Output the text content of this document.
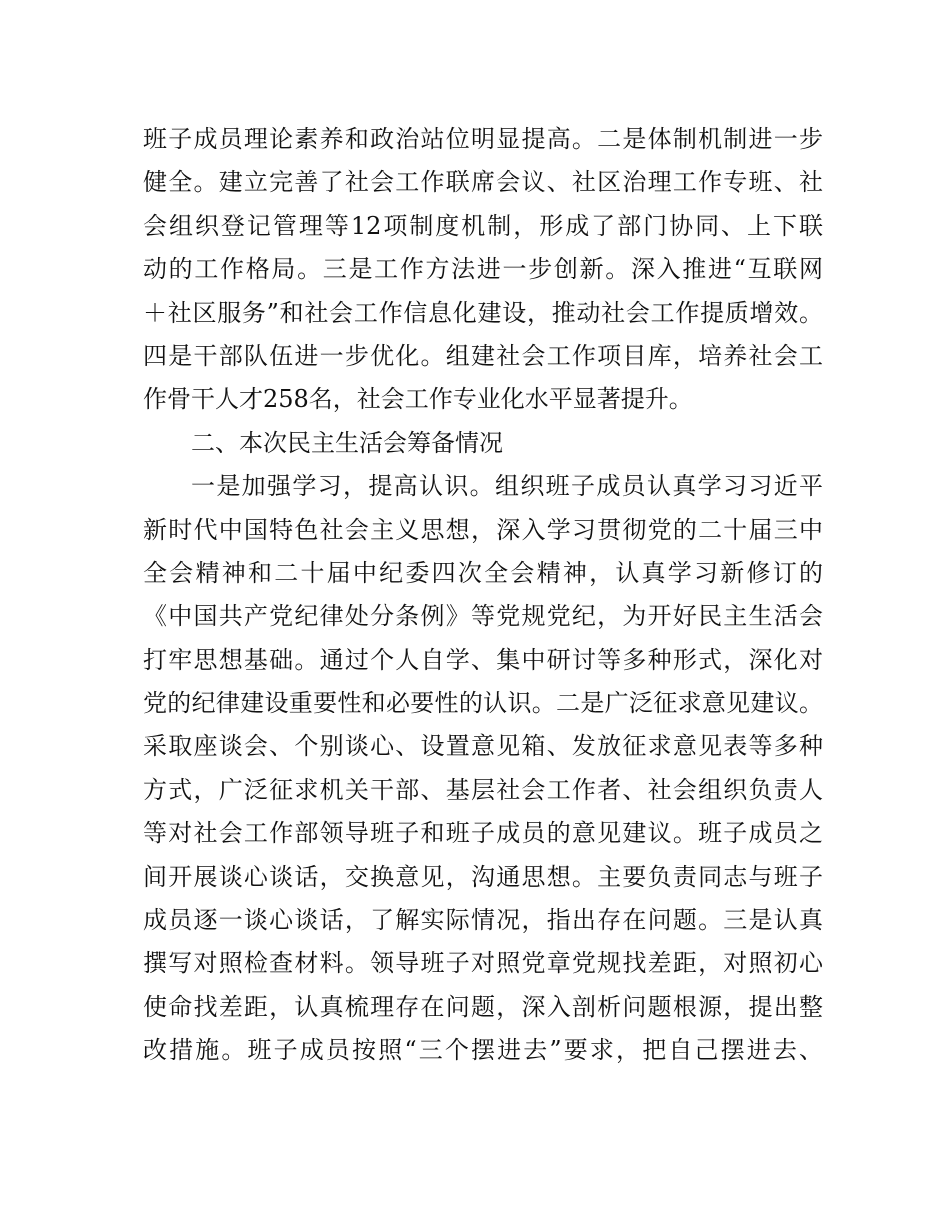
班子成员理论素养和政治站位明显提高。二是体制机制进一步
健全。建立完善了社会工作联席会议、社区治理工作专班、社
会组织登记管理等12项制度机制，形成了部门协同、上下联
动的工作格局。三是工作方法进一步创新。深入推进“互联网
＋社区服务”和社会工作信息化建设，推动社会工作提质增效。
四是干部队伍进一步优化。组建社会工作项目库，培养社会工
作骨干人才258名，社会工作专业化水平显著提升。
二、本次民主生活会筹备情况
一是加强学习，提高认识。组织班子成员认真学习习近平
新时代中国特色社会主义思想，深入学习贯彻党的二十届三中
全会精神和二十届中纪委四次全会精神，认真学习新修订的
《中国共产党纪律处分条例》等党规党纪，为开好民主生活会
打牢思想基础。通过个人自学、集中研讨等多种形式，深化对
党的纪律建设重要性和必要性的认识。二是广泛征求意见建议。
采取座谈会、个别谈心、设置意见箱、发放征求意见表等多种
方式，广泛征求机关干部、基层社会工作者、社会组织负责人
等对社会工作部领导班子和班子成员的意见建议。班子成员之
间开展谈心谈话，交换意见，沟通思想。主要负责同志与班子
成员逐一谈心谈话，了解实际情况，指出存在问题。三是认真
撰写对照检查材料。领导班子对照党章党规找差距，对照初心
使命找差距，认真梳理存在问题，深入剖析问题根源，提出整
改措施。班子成员按照“三个摆进去”要求，把自己摆进去、
